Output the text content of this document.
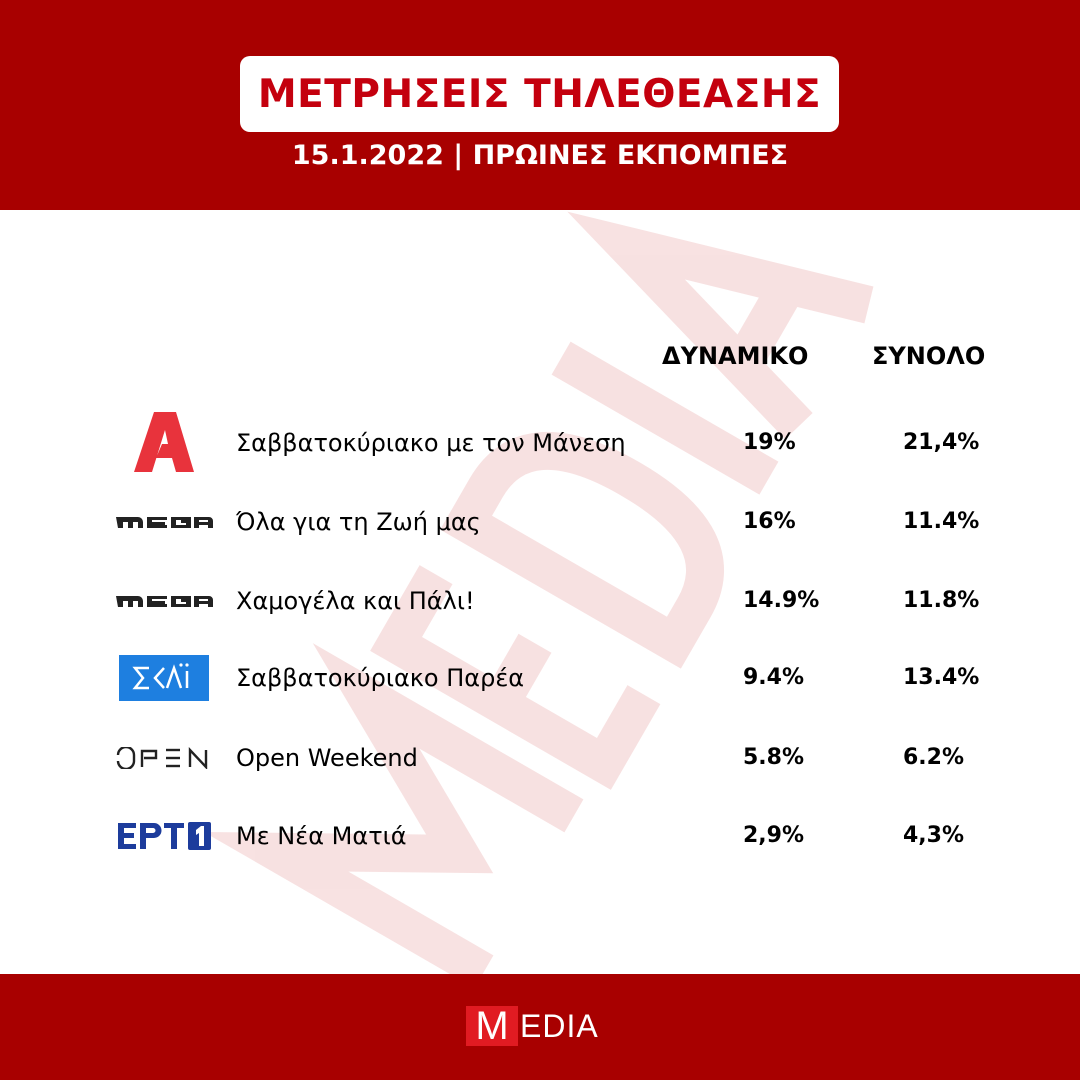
ΜΕΤΡΗΣΕΙΣ ΤΗΛΕΘΕΑΣΗΣ
15.1.2022 | ΠΡΩΙΝΕΣ ΕΚΠΟΜΠΕΣ
ΔΥΝΑΜΙΚΟ	ΣΥΝΟΛΟ
Σαββατοκύριακο με τον Μάνεση	19%	21,4%
Όλα για τη Ζωή μας	16%	11.4%
Χαμογέλα και Πάλι!	14.9%	11.8%
Σαββατοκύριακο Παρέα	9.4%	13.4%
Open Weekend	5.8%	6.2%
Με Νέα Ματιά	2,9%	4,3%
M EDIA
